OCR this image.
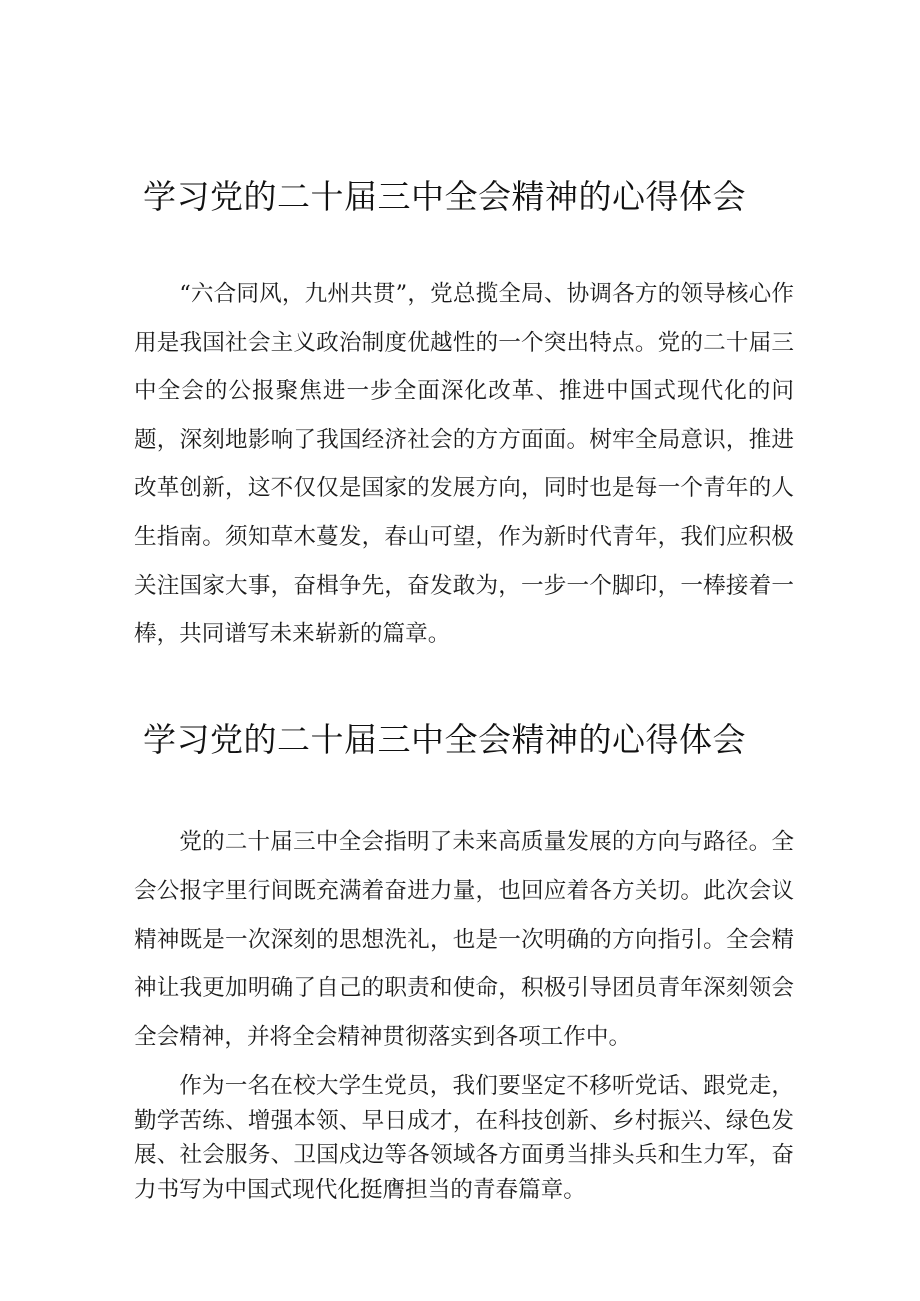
学习党的二十届三中全会精神的心得体会

“六合同风，九州共贯”，党总揽全局、协调各方的领导核心作用是我国社会主义政治制度优越性的一个突出特点。党的二十届三中全会的公报聚焦进一步全面深化改革、推进中国式现代化的问题，深刻地影响了我国经济社会的方方面面。树牢全局意识，推进改革创新，这不仅仅是国家的发展方向，同时也是每一个青年的人生指南。须知草木蔓发，春山可望，作为新时代青年，我们应积极关注国家大事，奋楫争先，奋发敢为，一步一个脚印，一棒接着一棒，共同谱写未来崭新的篇章。

学习党的二十届三中全会精神的心得体会

党的二十届三中全会指明了未来高质量发展的方向与路径。全会公报字里行间既充满着奋进力量，也回应着各方关切。此次会议精神既是一次深刻的思想洗礼，也是一次明确的方向指引。全会精神让我更加明确了自己的职责和使命，积极引导团员青年深刻领会全会精神，并将全会精神贯彻落实到各项工作中。

作为一名在校大学生党员，我们要坚定不移听党话、跟党走，勤学苦练、增强本领、早日成才，在科技创新、乡村振兴、绿色发展、社会服务、卫国戍边等各领域各方面勇当排头兵和生力军，奋力书写为中国式现代化挺膺担当的青春篇章。
